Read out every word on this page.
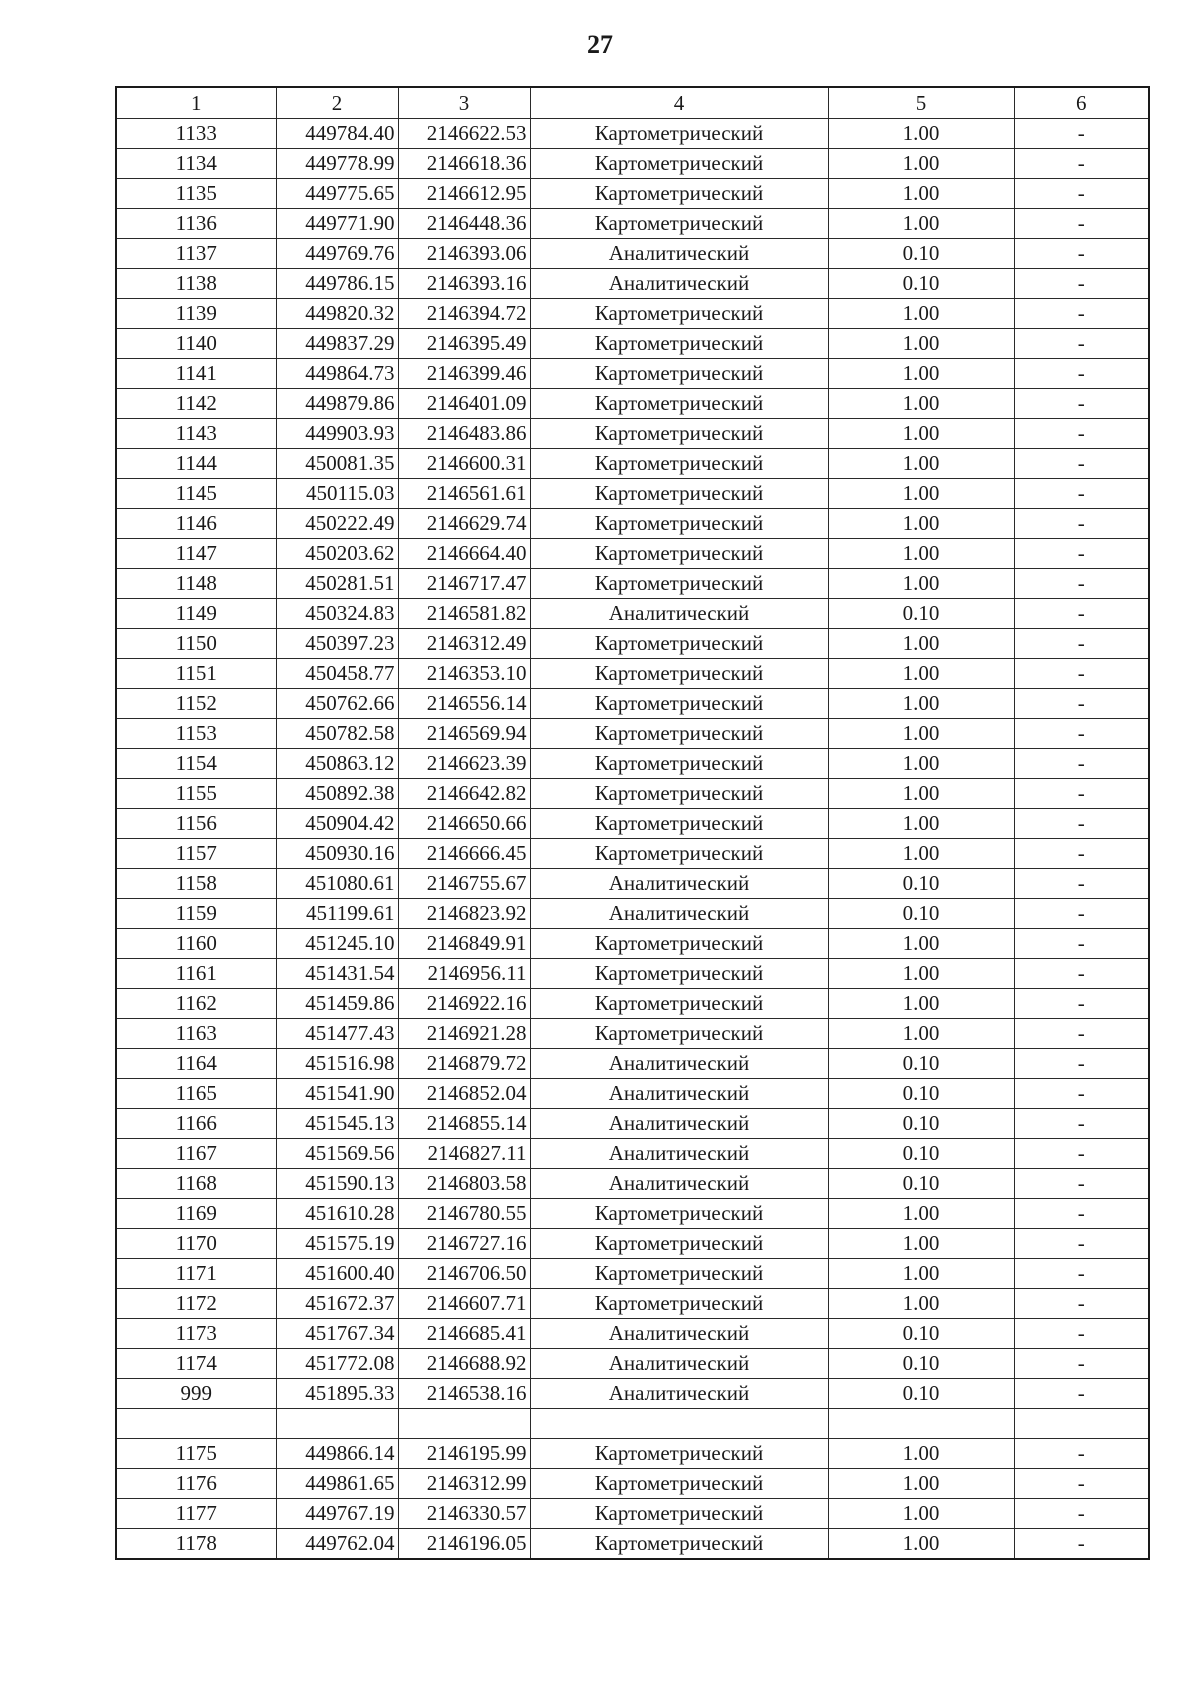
27
1	2	3	4	5	6
1133	449784.40	2146622.53	Картометрический	1.00	-
1134	449778.99	2146618.36	Картометрический	1.00	-
1135	449775.65	2146612.95	Картометрический	1.00	-
1136	449771.90	2146448.36	Картометрический	1.00	-
1137	449769.76	2146393.06	Аналитический	0.10	-
1138	449786.15	2146393.16	Аналитический	0.10	-
1139	449820.32	2146394.72	Картометрический	1.00	-
1140	449837.29	2146395.49	Картометрический	1.00	-
1141	449864.73	2146399.46	Картометрический	1.00	-
1142	449879.86	2146401.09	Картометрический	1.00	-
1143	449903.93	2146483.86	Картометрический	1.00	-
1144	450081.35	2146600.31	Картометрический	1.00	-
1145	450115.03	2146561.61	Картометрический	1.00	-
1146	450222.49	2146629.74	Картометрический	1.00	-
1147	450203.62	2146664.40	Картометрический	1.00	-
1148	450281.51	2146717.47	Картометрический	1.00	-
1149	450324.83	2146581.82	Аналитический	0.10	-
1150	450397.23	2146312.49	Картометрический	1.00	-
1151	450458.77	2146353.10	Картометрический	1.00	-
1152	450762.66	2146556.14	Картометрический	1.00	-
1153	450782.58	2146569.94	Картометрический	1.00	-
1154	450863.12	2146623.39	Картометрический	1.00	-
1155	450892.38	2146642.82	Картометрический	1.00	-
1156	450904.42	2146650.66	Картометрический	1.00	-
1157	450930.16	2146666.45	Картометрический	1.00	-
1158	451080.61	2146755.67	Аналитический	0.10	-
1159	451199.61	2146823.92	Аналитический	0.10	-
1160	451245.10	2146849.91	Картометрический	1.00	-
1161	451431.54	2146956.11	Картометрический	1.00	-
1162	451459.86	2146922.16	Картометрический	1.00	-
1163	451477.43	2146921.28	Картометрический	1.00	-
1164	451516.98	2146879.72	Аналитический	0.10	-
1165	451541.90	2146852.04	Аналитический	0.10	-
1166	451545.13	2146855.14	Аналитический	0.10	-
1167	451569.56	2146827.11	Аналитический	0.10	-
1168	451590.13	2146803.58	Аналитический	0.10	-
1169	451610.28	2146780.55	Картометрический	1.00	-
1170	451575.19	2146727.16	Картометрический	1.00	-
1171	451600.40	2146706.50	Картометрический	1.00	-
1172	451672.37	2146607.71	Картометрический	1.00	-
1173	451767.34	2146685.41	Аналитический	0.10	-
1174	451772.08	2146688.92	Аналитический	0.10	-
999	451895.33	2146538.16	Аналитический	0.10	-

1175	449866.14	2146195.99	Картометрический	1.00	-
1176	449861.65	2146312.99	Картометрический	1.00	-
1177	449767.19	2146330.57	Картометрический	1.00	-
1178	449762.04	2146196.05	Картометрический	1.00	-
